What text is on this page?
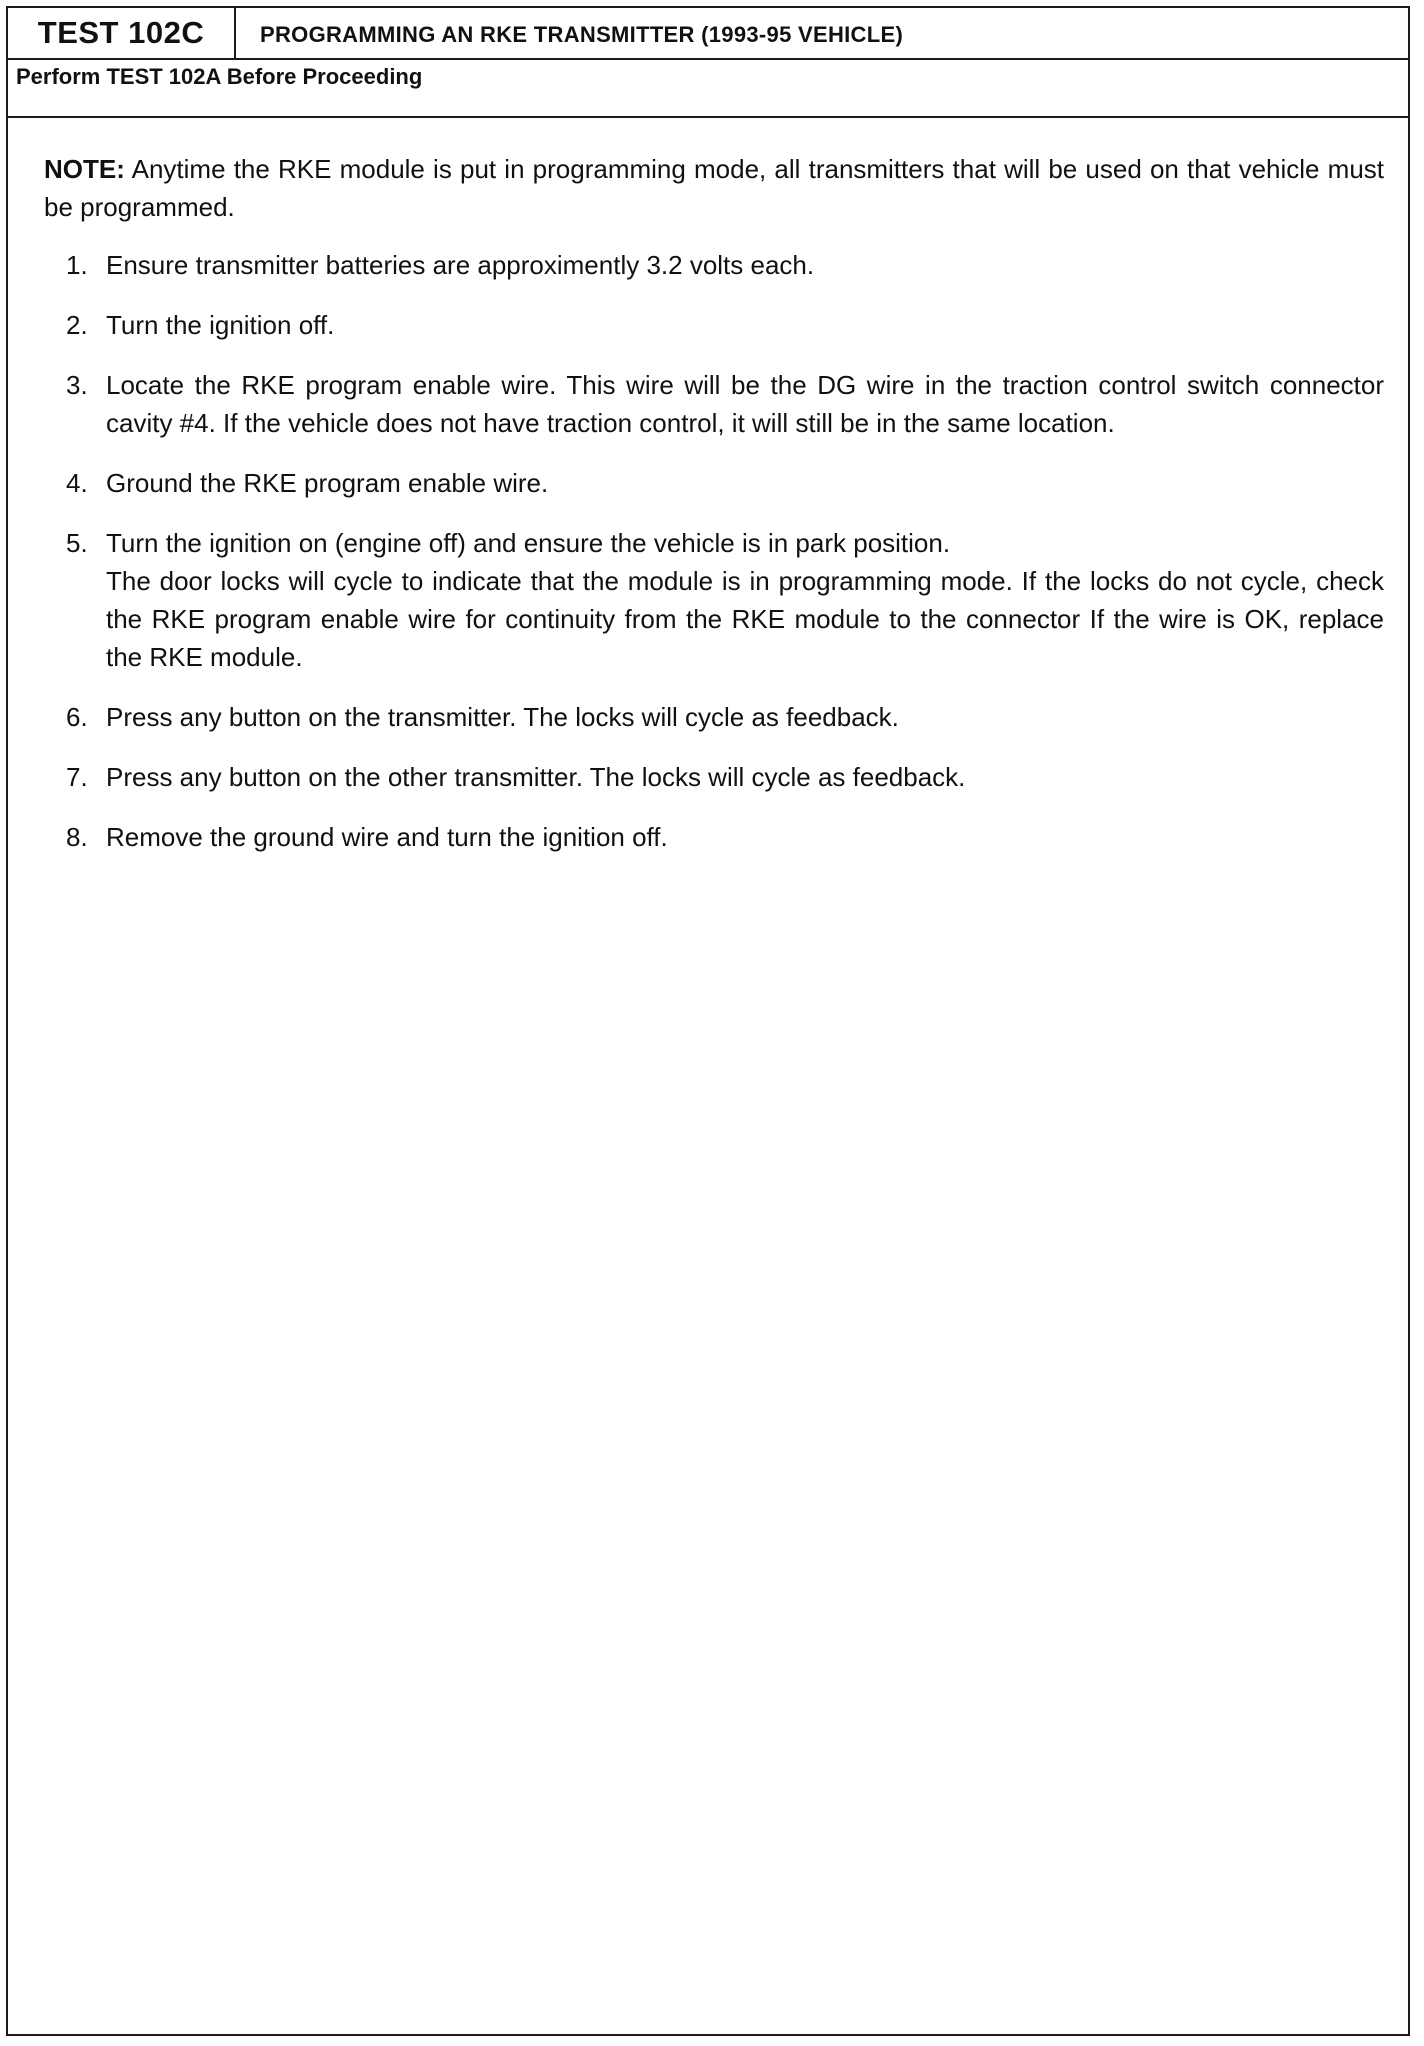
TEST 102C	PROGRAMMING AN RKE TRANSMITTER (1993-95 VEHICLE)
Perform TEST 102A Before Proceeding

NOTE: Anytime the RKE module is put in programming mode, all transmitters that will be used on that vehicle must be programmed.

1. Ensure transmitter batteries are approximently 3.2 volts each.
2. Turn the ignition off.
3. Locate the RKE program enable wire. This wire will be the DG wire in the traction control switch connector cavity #4. If the vehicle does not have traction control, it will still be in the same location.
4. Ground the RKE program enable wire.
5. Turn the ignition on (engine off) and ensure the vehicle is in park position.
The door locks will cycle to indicate that the module is in programming mode. If the locks do not cycle, check the RKE program enable wire for continuity from the RKE module to the connector If the wire is OK, replace the RKE module.
6. Press any button on the transmitter. The locks will cycle as feedback.
7. Press any button on the other transmitter. The locks will cycle as feedback.
8. Remove the ground wire and turn the ignition off.
